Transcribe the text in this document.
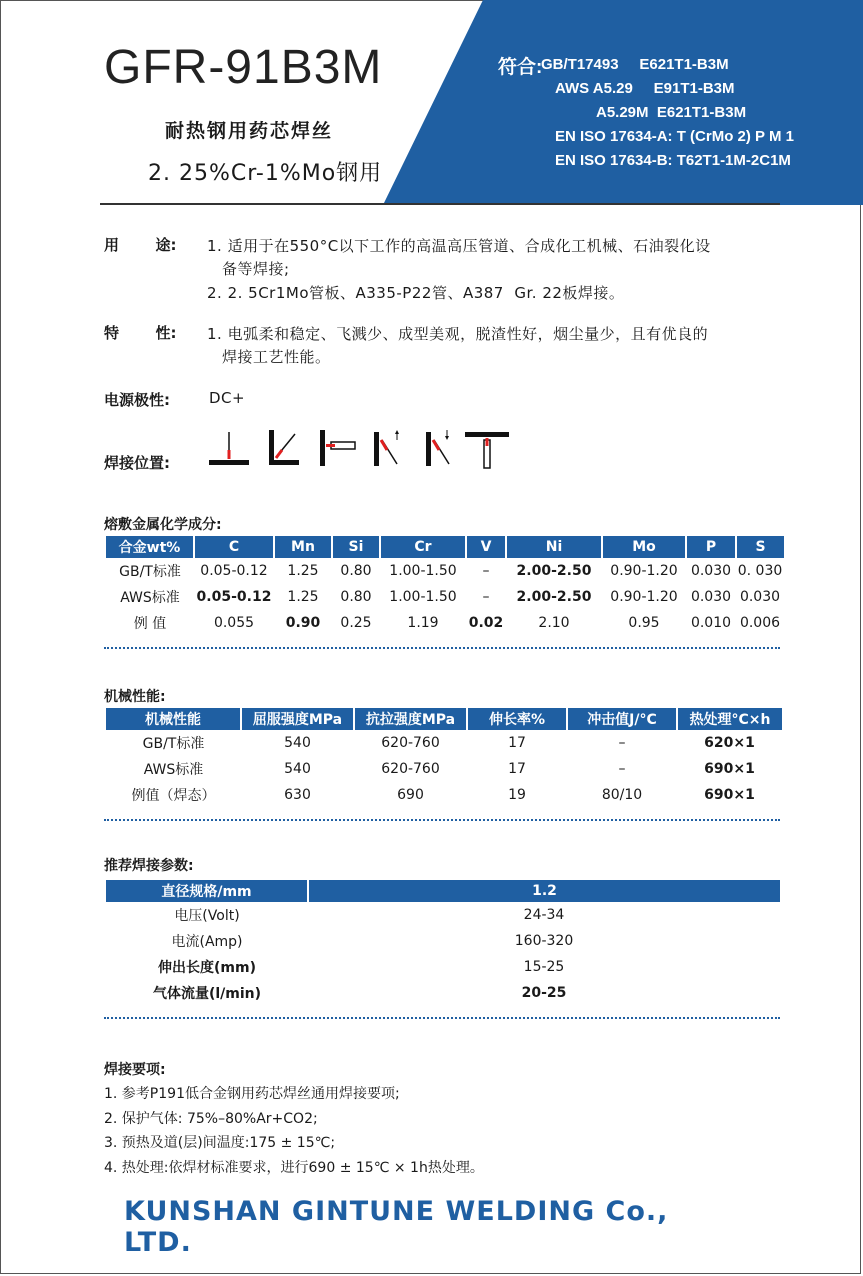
GFR-91B3M
耐热钢用药芯焊丝
2. 25%Cr-1%Mo钢用
符合:
GB/T17493     E621T1-B3M
AWS A5.29     E91T1-B3M
A5.29M  E621T1-B3M
EN ISO 17634-A: T (CrMo 2) P M 1
EN ISO 17634-B: T62T1-1M-2C1M
用       途: 1. 适用于在550°C以下工作的高温高压管道、合成化工机械、石油裂化设
备等焊接;
2. 2. 5Cr1Mo管板、A335-P22管、A387  Gr. 22板焊接。
特       性: 1. 电弧柔和稳定、飞溅少、成型美观，脱渣性好，烟尘量少，且有优良的
焊接工艺性能。
电源极性:	DC+
焊接位置:
熔敷金属化学成分:
合金wt%	C	Mn	Si	Cr	V	Ni	Mo	P	S
GB/T标准	0.05-0.12	1.25	0.80	1.00-1.50	–	2.00-2.50	0.90-1.20	0.030	0. 030
AWS标准	0.05-0.12	1.25	0.80	1.00-1.50	–	2.00-2.50	0.90-1.20	0.030	0.030
例 值	0.055	0.90	0.25	1.19	0.02	2.10	0.95	0.010	0.006
机械性能:
机械性能	屈服强度MPa	抗拉强度MPa	伸长率%	冲击值J/°C	热处理°C×h
GB/T标准	540	620-760	17	–	620×1
AWS标准	540	620-760	17	–	690×1
例值（焊态）	630	690	19	80/10	690×1
推荐焊接参数:
直径规格/mm	1.2
电压(Volt)	24-34
电流(Amp)	160-320
伸出长度(mm)	15-25
气体流量(l/min)	20-25
焊接要项:
1. 参考P191低合金钢用药芯焊丝通用焊接要项;
2. 保护气体: 75%–80%Ar+CO2;
3. 预热及道(层)间温度:175 ± 15℃;
4. 热处理:依焊材标准要求，进行690 ± 15℃ × 1h热处理。
KUNSHAN GINTUNE WELDING Co., LTD.
